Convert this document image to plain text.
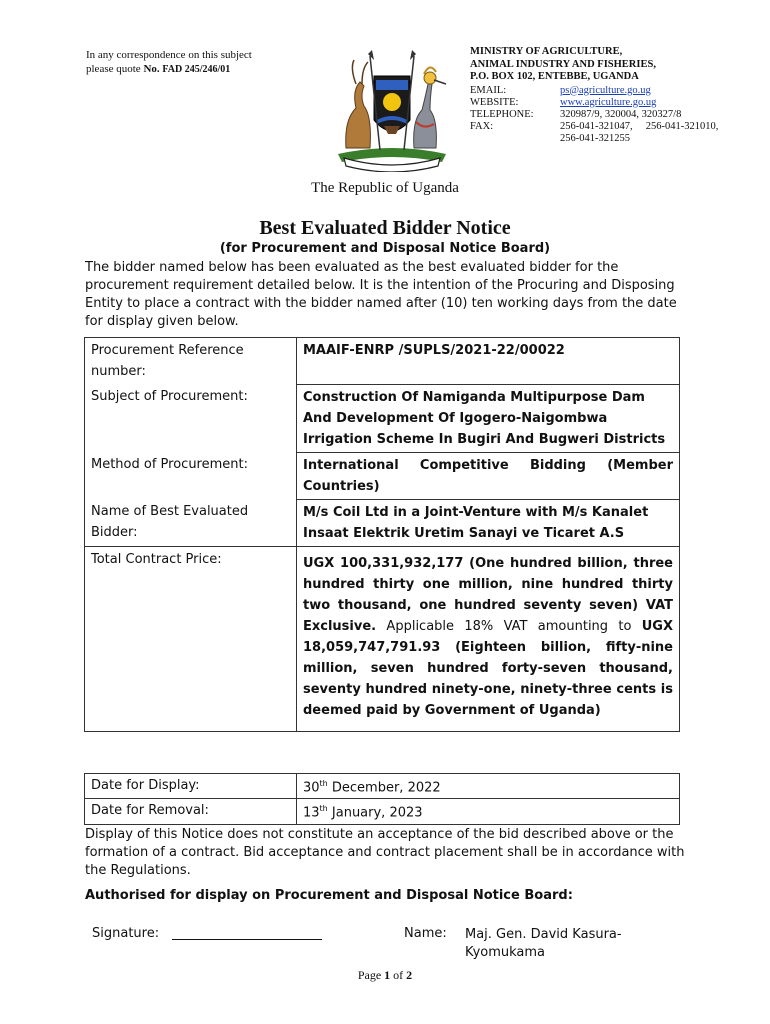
In any correspondence on this subject
please quote No. FAD 245/246/01
MINISTRY OF AGRICULTURE,
ANIMAL INDUSTRY AND FISHERIES,
P.O. BOX 102, ENTEBBE, UGANDA
EMAIL:	ps@agriculture.go.ug
WEBSITE:	www.agriculture.go.ug
TELEPHONE:	320987/9, 320004, 320327/8
FAX:	256-041-321047,     256-041-321010,
256-041-321255
The Republic of Uganda
Best Evaluated Bidder Notice
(for Procurement and Disposal Notice Board)
The bidder named below has been evaluated as the best evaluated bidder for the procurement requirement detailed below. It is the intention of the Procuring and Disposing Entity to place a contract with the bidder named after (10) ten working days from the date for display given below.
Procurement Reference number:	MAAIF-ENRP /SUPLS/2021-22/00022
Subject of Procurement:	Construction Of Namiganda Multipurpose Dam And Development Of Igogero-Naigombwa Irrigation Scheme In Bugiri And Bugweri Districts
Method of Procurement:	International Competitive Bidding (Member Countries)
Name of Best Evaluated Bidder:	M/s Coil Ltd in a Joint-Venture with M/s Kanalet Insaat Elektrik Uretim Sanayi ve Ticaret A.S
Total Contract Price:	UGX 100,331,932,177 (One hundred billion, three hundred thirty one million, nine hundred thirty two thousand, one hundred seventy seven) VAT Exclusive. Applicable 18% VAT amounting to UGX 18,059,747,791.93 (Eighteen billion, fifty-nine million, seven hundred forty-seven thousand, seventy hundred ninety-one, ninety-three cents is deemed paid by Government of Uganda)
Date for Display:	30th December, 2022
Date for Removal:	13th January, 2023
Display of this Notice does not constitute an acceptance of the bid described above or the formation of a contract. Bid acceptance and contract placement shall be in accordance with the Regulations.
Authorised for display on Procurement and Disposal Notice Board:
Signature:	Name: Maj. Gen. David Kasura-Kyomukama
Page 1 of 2
